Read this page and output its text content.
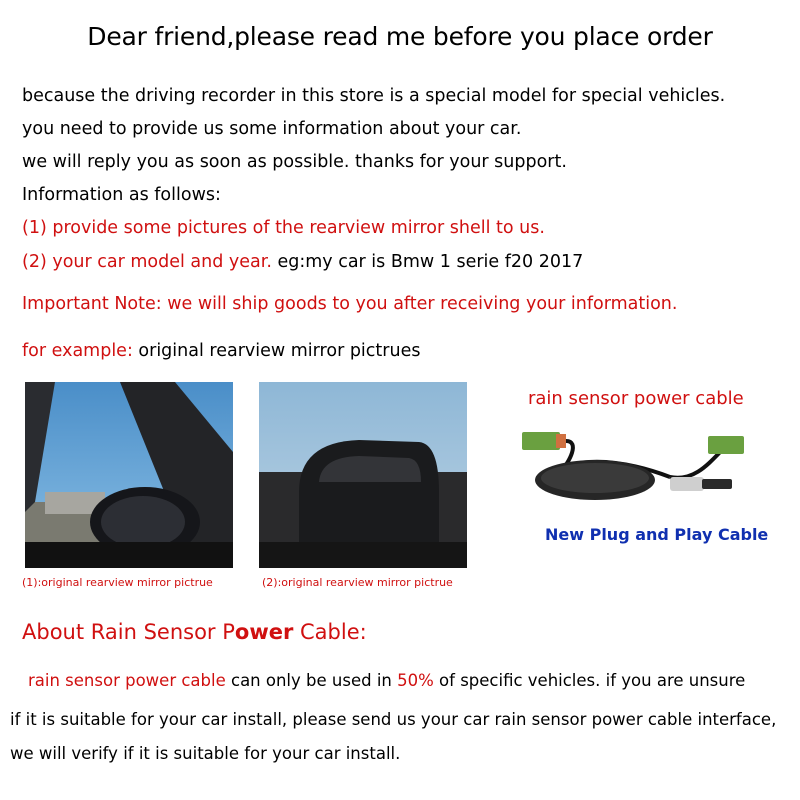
Dear friend,please read me before you place order
because the driving recorder in this store is a special model for special vehicles.
you need to provide us some information about your car.
we will reply you as soon as possible. thanks for your support.
Information as follows:
(1) provide some pictures of the rearview mirror shell to us.
(2) your car model and year. eg:my car is Bmw 1 serie f20 2017
Important Note: we will ship goods to you after receiving your information.
for example: original rearview mirror pictrues
(1):original rearview mirror pictrue	(2):original rearview mirror pictrue
rain sensor power cable
New Plug and Play Cable
About Rain Sensor Power Cable:
rain sensor power cable can only be used in 50% of specific vehicles. if you are unsure
if it is suitable for your car install, please send us your car rain sensor power cable interface,
we will verify if it is suitable for your car install.
